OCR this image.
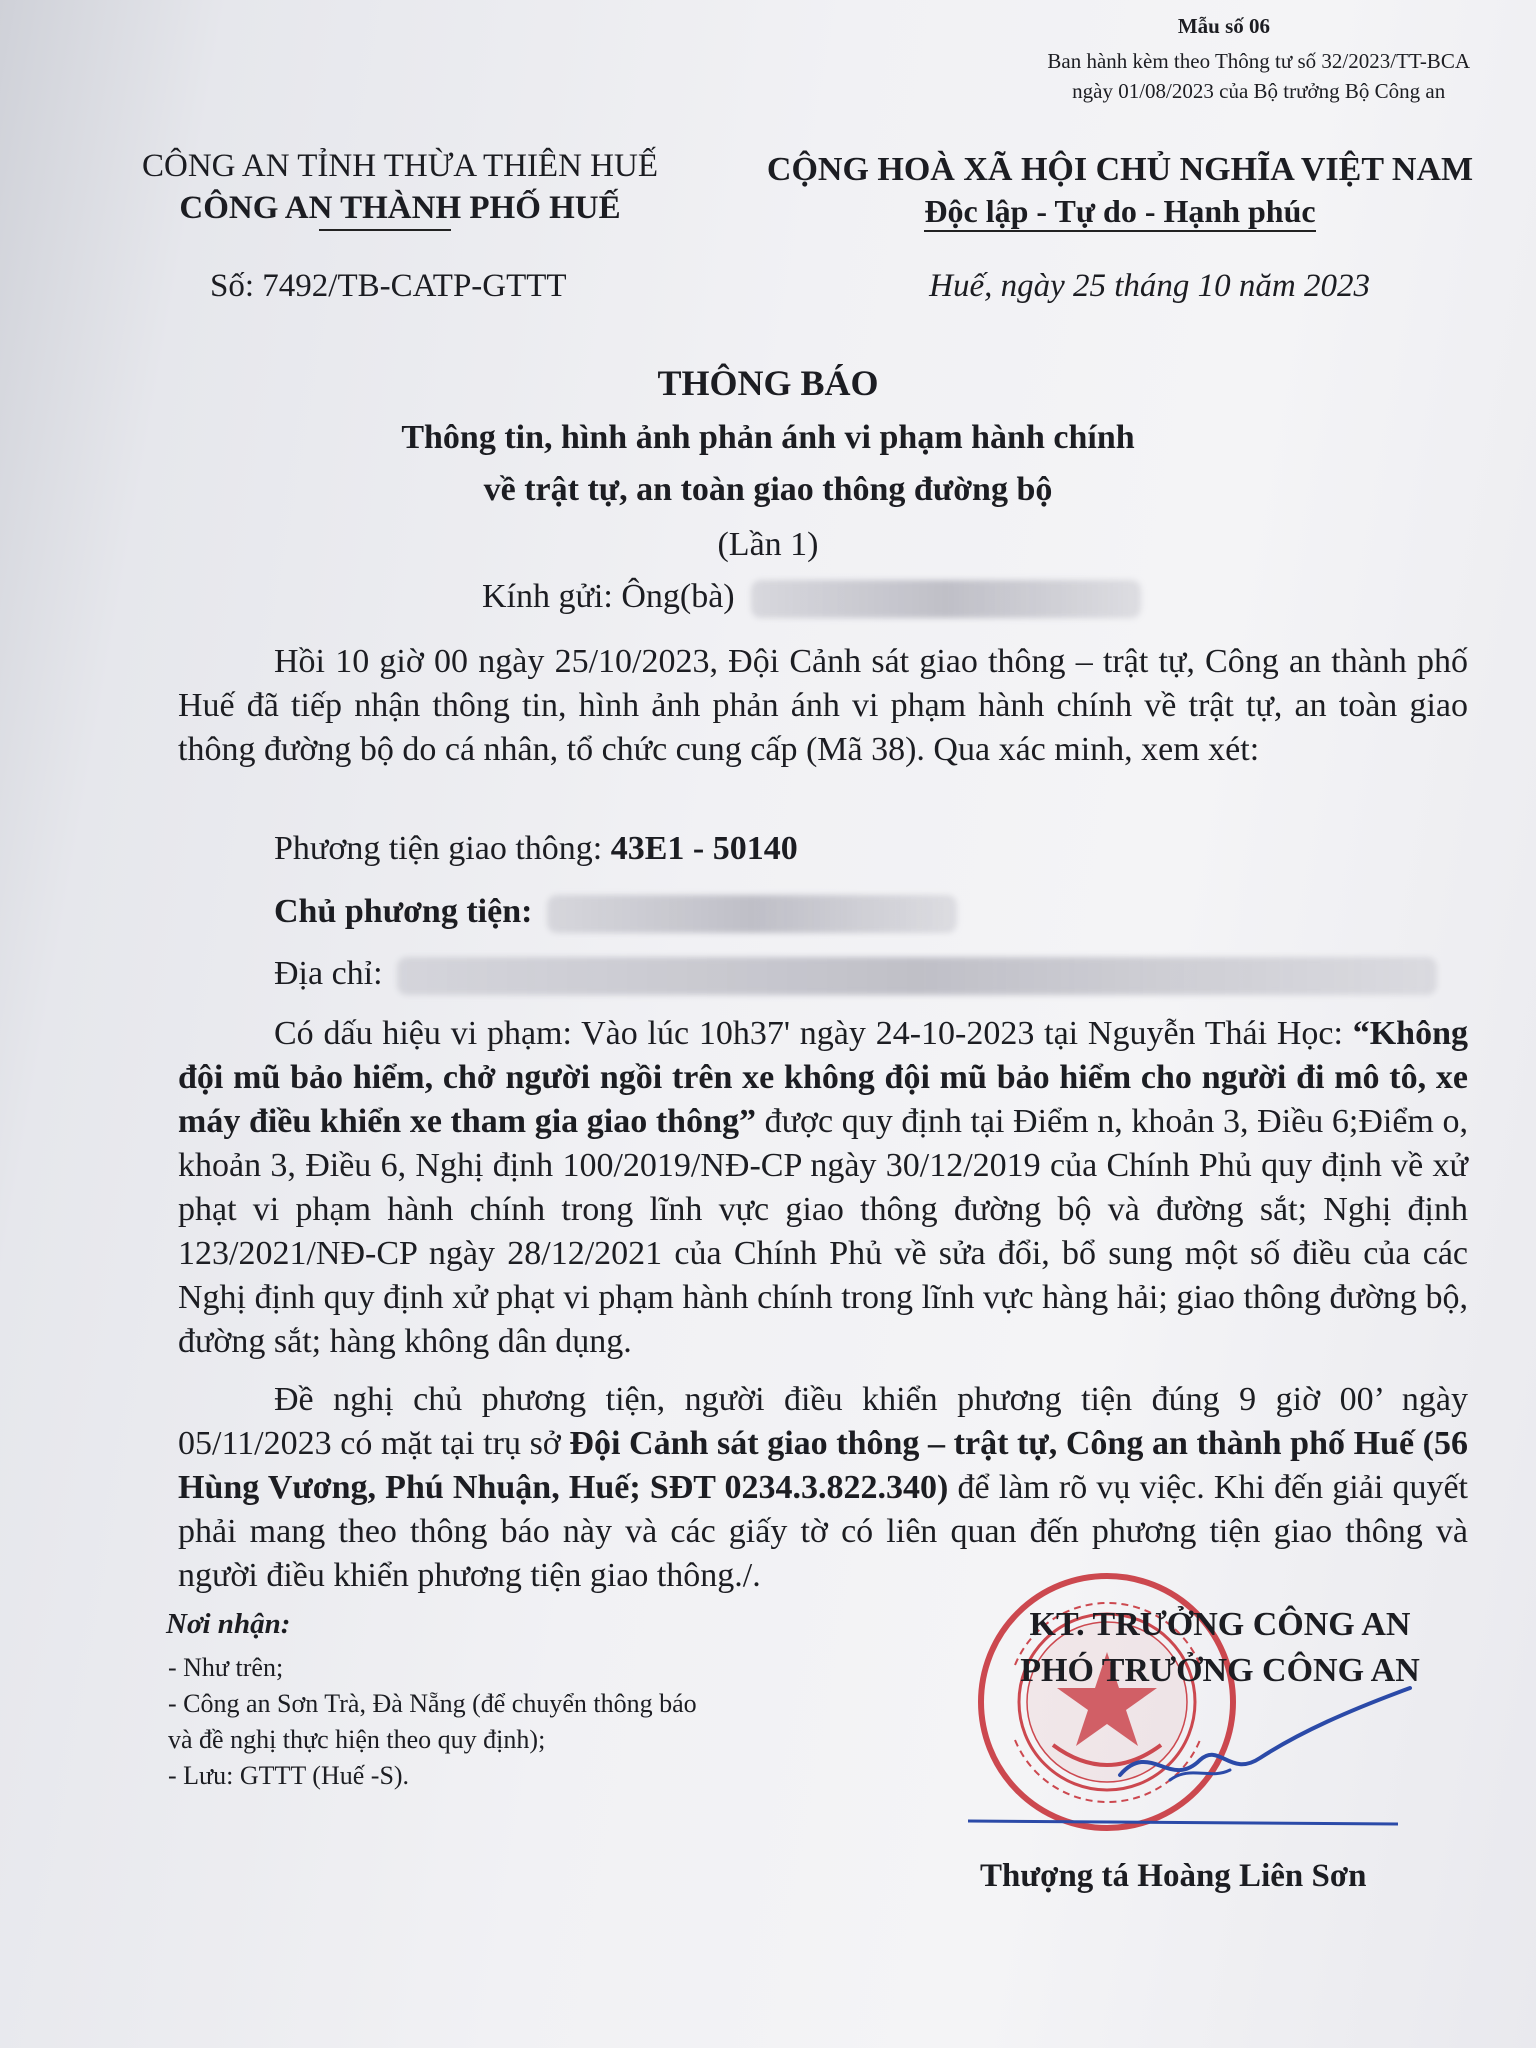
Mẫu số 06
Ban hành kèm theo Thông tư số 32/2023/TT-BCA
ngày 01/08/2023 của Bộ trưởng Bộ Công an
CÔNG AN TỈNH THỪA THIÊN HUẾ
CÔNG AN THÀNH PHỐ HUẾ
CỘNG HOÀ XÃ HỘI CHỦ NGHĨA VIỆT NAM
Độc lập - Tự do - Hạnh phúc
Số: 7492/TB-CATP-GTTT	Huế, ngày 25 tháng 10 năm 2023
THÔNG BÁO
Thông tin, hình ảnh phản ánh vi phạm hành chính
về trật tự, an toàn giao thông đường bộ
(Lần 1)
Kính gửi: Ông(bà)
Hồi 10 giờ 00 ngày 25/10/2023, Đội Cảnh sát giao thông – trật tự, Công an thành phố Huế đã tiếp nhận thông tin, hình ảnh phản ánh vi phạm hành chính về trật tự, an toàn giao thông đường bộ do cá nhân, tổ chức cung cấp (Mã 38). Qua xác minh, xem xét:
Phương tiện giao thông: 43E1 - 50140
Chủ phương tiện:
Địa chỉ:
Có dấu hiệu vi phạm: Vào lúc 10h37' ngày 24-10-2023 tại Nguyễn Thái Học: “Không đội mũ bảo hiểm, chở người ngồi trên xe không đội mũ bảo hiểm cho người đi mô tô, xe máy điều khiển xe tham gia giao thông” được quy định tại Điểm n, khoản 3, Điều 6;Điểm o, khoản 3, Điều 6, Nghị định 100/2019/NĐ-CP ngày 30/12/2019 của Chính Phủ quy định về xử phạt vi phạm hành chính trong lĩnh vực giao thông đường bộ và đường sắt; Nghị định 123/2021/NĐ-CP ngày 28/12/2021 của Chính Phủ về sửa đổi, bổ sung một số điều của các Nghị định quy định xử phạt vi phạm hành chính trong lĩnh vực hàng hải; giao thông đường bộ, đường sắt; hàng không dân dụng.
Đề nghị chủ phương tiện, người điều khiển phương tiện đúng 9 giờ 00’ ngày 05/11/2023 có mặt tại trụ sở Đội Cảnh sát giao thông – trật tự, Công an thành phố Huế (56 Hùng Vương, Phú Nhuận, Huế; SĐT 0234.3.822.340) để làm rõ vụ việc. Khi đến giải quyết phải mang theo thông báo này và các giấy tờ có liên quan đến phương tiện giao thông và người điều khiển phương tiện giao thông./.
Nơi nhận:
- Như trên;
- Công an Sơn Trà, Đà Nẵng (để chuyển thông báo
và đề nghị thực hiện theo quy định);
- Lưu: GTTT (Huế -S).
KT. TRƯỞNG CÔNG AN
PHÓ TRƯỞNG CÔNG AN
Thượng tá Hoàng Liên Sơn
